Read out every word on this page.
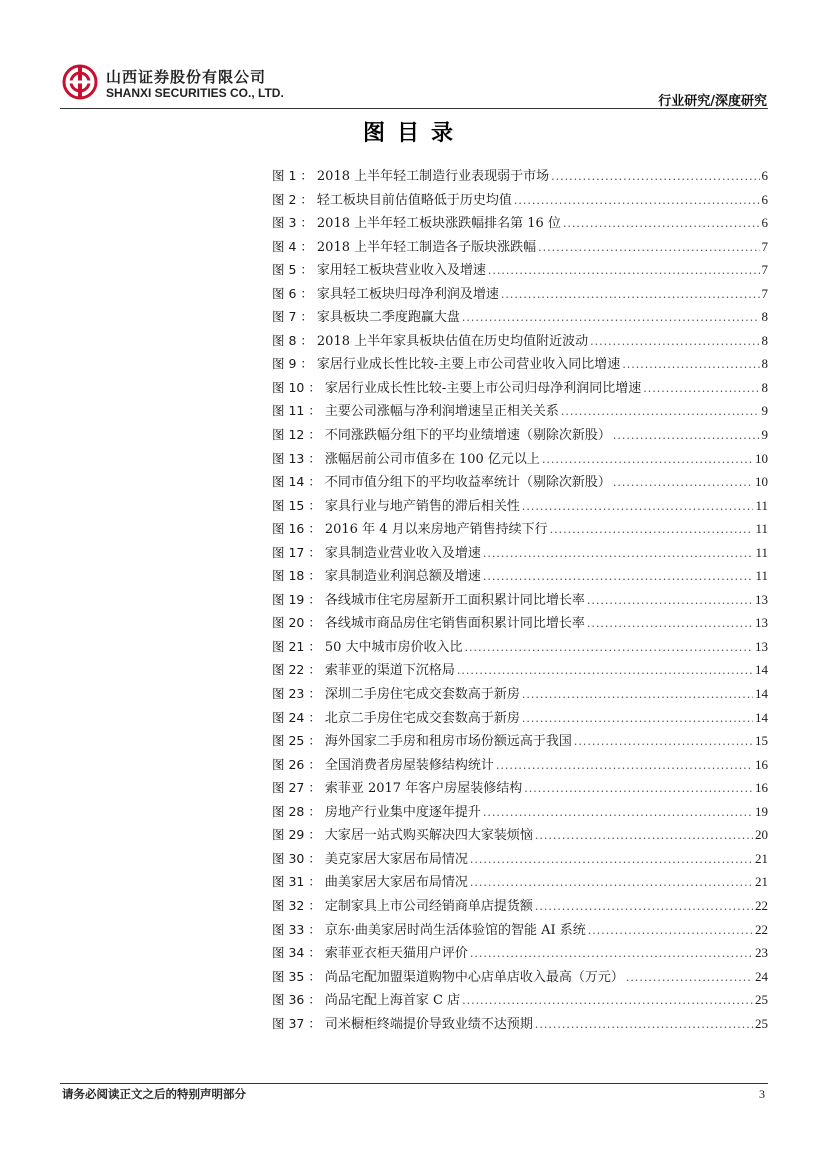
山西证券股份有限公司
SHANXI SECURITIES CO., LTD.
行业研究/深度研究
图目录
图 1 ： 2018 上半年轻工制造行业表现弱于市场 .....	6
图 2 ： 轻工板块目前估值略低于历史均值 .....	6
图 3 ： 2018 上半年轻工板块涨跌幅排名第 16 位 .....	6
图 4 ： 2018 上半年轻工制造各子版块涨跌幅 .....	7
图 5 ： 家用轻工板块营业收入及增速 .....	7
图 6 ： 家具轻工板块归母净利润及增速 .....	7
图 7 ： 家具板块二季度跑赢大盘 .....	8
图 8 ： 2018 上半年家具板块估值在历史均值附近波动 .....	8
图 9 ： 家居行业成长性比较-主要上市公司营业收入同比增速 .....	8
图 10 ： 家居行业成长性比较-主要上市公司归母净利润同比增速 .....	8
图 11 ： 主要公司涨幅与净利润增速呈正相关关系 .....	9
图 12 ： 不同涨跌幅分组下的平均业绩增速（剔除次新股） .....	9
图 13 ： 涨幅居前公司市值多在 100 亿元以上 .....	10
图 14 ： 不同市值分组下的平均收益率统计（剔除次新股） .....	10
图 15 ： 家具行业与地产销售的滞后相关性 .....	11
图 16 ： 2016 年 4 月以来房地产销售持续下行 .....	11
图 17 ： 家具制造业营业收入及增速 .....	11
图 18 ： 家具制造业利润总额及增速 .....	11
图 19 ： 各线城市住宅房屋新开工面积累计同比增长率 .....	13
图 20 ： 各线城市商品房住宅销售面积累计同比增长率 .....	13
图 21 ： 50 大中城市房价收入比 .....	13
图 22 ： 索菲亚的渠道下沉格局 .....	14
图 23 ： 深圳二手房住宅成交套数高于新房 .....	14
图 24 ： 北京二手房住宅成交套数高于新房 .....	14
图 25 ： 海外国家二手房和租房市场份额远高于我国 .....	15
图 26 ： 全国消费者房屋装修结构统计 .....	16
图 27 ： 索菲亚 2017 年客户房屋装修结构 .....	16
图 28 ： 房地产行业集中度逐年提升 .....	19
图 29 ： 大家居一站式购买解决四大家装烦恼 .....	20
图 30 ： 美克家居大家居布局情况 .....	21
图 31 ： 曲美家居大家居布局情况 .....	21
图 32 ： 定制家具上市公司经销商单店提货额 .....	22
图 33 ： 京东·曲美家居时尚生活体验馆的智能 AI 系统 .....	22
图 34 ： 索菲亚衣柜天猫用户评价 .....	23
图 35 ： 尚品宅配加盟渠道购物中心店单店收入最高（万元） .....	24
图 36 ： 尚品宅配上海首家 C 店 .....	25
图 37 ： 司米橱柜终端提价导致业绩不达预期 .....	25
请务必阅读正文之后的特别声明部分	3
